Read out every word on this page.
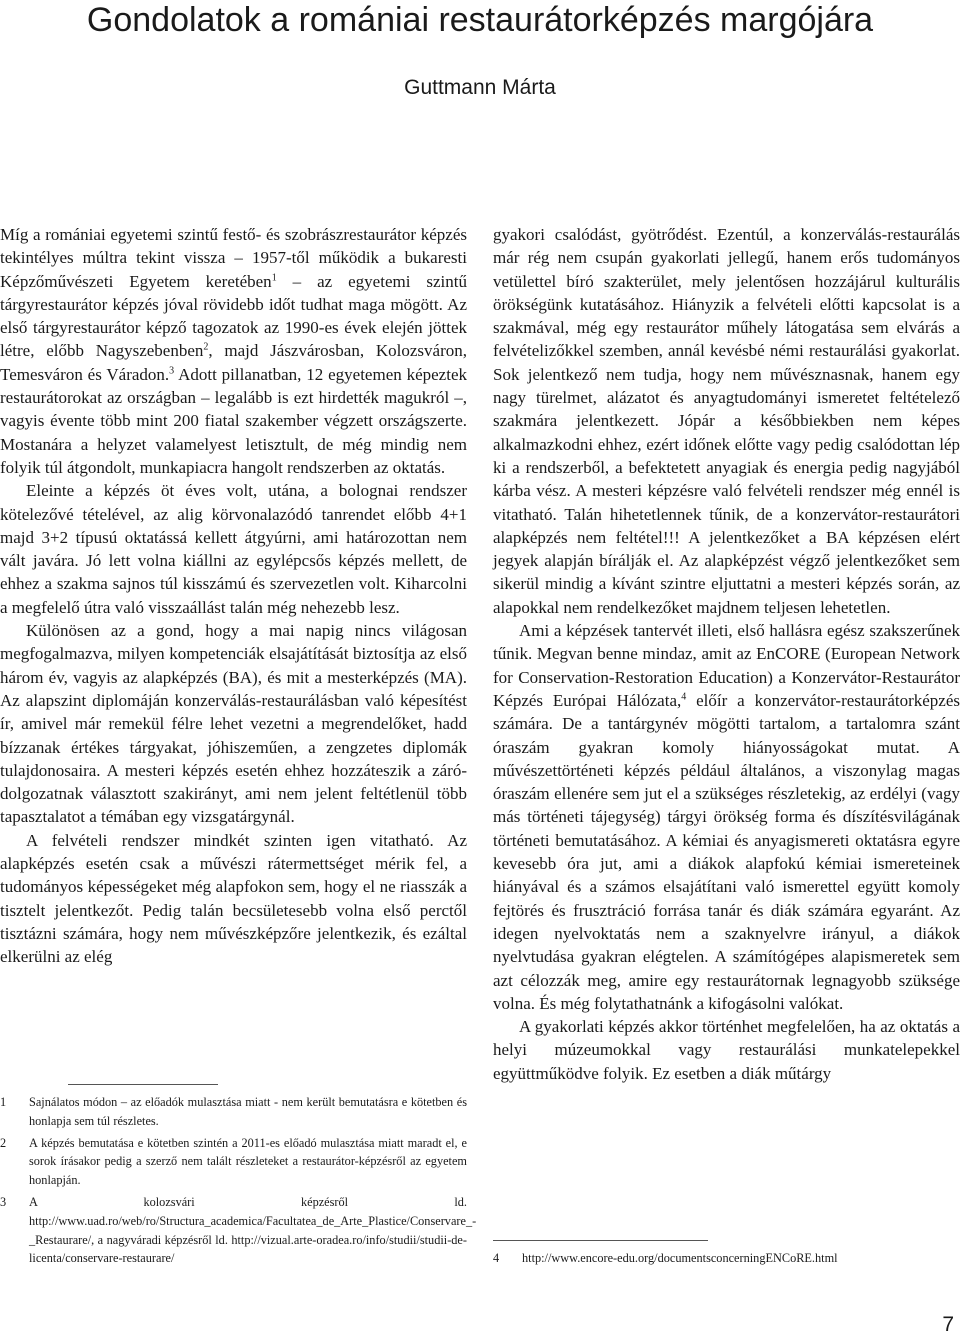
Gondolatok a romániai restaurátorképzés margójára
Guttmann Márta

Míg a romániai egyetemi szintű festő- és szobrászrestaurátor képzés tekintélyes múltra tekint vissza – 1957-től működik a bukaresti Képzőművészeti Egyetem keretében$^1$ – az egyetemi szintű tárgyrestaurátor képzés jóval rövidebb időt tudhat maga mögött. Az első tárgyrestaurátor képző tagozatok az 1990-es évek elején jöttek létre, előbb Nagyszebenben$^2$, majd Jászvárosban, Kolozsváron, Temesváron és Váradon.$^3$ Adott pillanatban, 12 egyetemen képeztek restaurátorokat az országban – legalább is ezt hirdették magukról –, vagyis évente több mint 200 fiatal szakember végzett országszerte. Mostanára a helyzet valamelyest letisztult, de még mindig nem folyik túl átgondolt, munkapiacra hangolt rendszerben az oktatás.

Eleinte a képzés öt éves volt, utána, a bolognai rendszer kötelezővé tételével, az alig körvonalazódó tanrendet előbb 4+1 majd 3+2 típusú oktatássá kellett átgyúrni, ami határozottan nem vált javára. Jó lett volna kiállni az egylépcsős képzés mellett, de ehhez a szakma sajnos túl kisszámú és szervezetlen volt. Kiharcolni a megfelelő útra való visszaállást talán még nehezebb lesz.

Különösen az a gond, hogy a mai napig nincs világosan megfogalmazva, milyen kompetenciák elsajátítását biztosítja az első három év, vagyis az alapképzés (BA), és mit a mesterképzés (MA). Az alapszint diplomáján konzerválás-restaurálásban való képesítést ír, amivel már remekül félre lehet vezetni a megrendelőket, hadd bízzanak értékes tárgyakat, jóhiszeműen, a zengzetes diplomák tulajdonosaira. A mesteri képzés esetén ehhez hozzáteszik a záró-dolgozatnak választott szakirányt, ami nem jelent feltétlenül több tapasztalatot a témában egy vizsgatárgynál.

A felvételi rendszer mindkét szinten igen vitatható. Az alapképzés esetén csak a művészi rátermettséget mérik fel, a tudományos képességeket még alapfokon sem, hogy el ne riasszák a tisztelt jelentkezőt. Pedig talán becsületesebb volna első perctől tisztázni számára, hogy nem művészképzőre jelentkezik, és ezáltal elkerülni az elég

gyakori csalódást, gyötrődést. Ezentúl, a konzerválás-restaurálás már rég nem csupán gyakorlati jellegű, hanem erős tudományos vetülettel bíró szakterület, mely jelentősen hozzájárul kulturális örökségünk kutatásához. Hiányzik a felvételi előtti kapcsolat is a szakmával, még egy restaurátor műhely látogatása sem elvárás a felvételizőkkel szemben, annál kevésbé némi restaurálási gyakorlat. Sok jelentkező nem tudja, hogy nem művésznasnak, hanem egy nagy türelmet, alázatot és anyagtudományi ismeretet feltételező szakmára jelentkezett. Jópár a későbbiekben nem képes alkalmazkodni ehhez, ezért időnek előtte vagy pedig csalódottan lép ki a rendszerből, a befektetett anyagiak és energia pedig nagyjából kárba vész. A mesteri képzésre való felvételi rendszer még ennél is vitatható. Talán hihetetlennek tűnik, de a konzervátor-restaurátori alapképzés nem feltétel!!! A jelentkezőket a BA képzésen elért jegyek alapján bírálják el. Az alapképzést végző jelentkezőket sem sikerül mindig a kívánt szintre eljuttatni a mesteri képzés során, az alapokkal nem rendelkezőket majdnem teljesen lehetetlen.

Ami a képzések tantervét illeti, első hallásra egész szakszerűnek tűnik. Megvan benne mindaz, amit az EnCORE (European Network for Conservation-Restoration Education) a Konzervátor-Restaurátor Képzés Európai Hálózata,$^4$ előír a konzervátor-restaurátorképzés számára. De a tantárgynév mögötti tartalom, a tartalomra szánt óraszám gyakran komoly hiányosságokat mutat. A művészettörténeti képzés például általános, a viszonylag magas óraszám ellenére sem jut el a szükséges részletekig, az erdélyi (vagy más történeti tájegység) tárgyi örökség forma és díszítésvilágának történeti bemutatásához. A kémiai és anyagismereti oktatásra egyre kevesebb óra jut, ami a diákok alapfokú kémiai ismereteinek hiányával és a számos elsajátítani való ismerettel együtt komoly fejtörés és frusztráció forrása tanár és diák számára egyaránt. Az idegen nyelvoktatás nem a szaknyelvre irányul, a diákok nyelvtudása gyakran elégtelen. A számítógépes alapismeretek sem azt célozzák meg, amire egy restaurátornak legnagyobb szüksége volna. És még folytathatnánk a kifogásolni valókat.

A gyakorlati képzés akkor történhet megfelelően, ha az oktatás a helyi múzeumokkal vagy restaurálási munkatelepekkel együttműködve folyik. Ez esetben a diák műtárgy

1 Sajnálatos módon – az előadók mulasztása miatt - nem került bemutatásra e kötetben és honlapja sem túl részletes.
2 A képzés bemutatása e kötetben szintén a 2011-es előadó mulasztása miatt maradt el, e sorok írásakor pedig a szerző nem talált részleteket a restaurátor-képzésről az egyetem honlapján.
3 A kolozsvári képzésről ld. http://www.uad.ro/web/ro/Structura_academica/Facultatea_de_Arte_Plastice/Conservare_-_Restaurare/, a nagyváradi képzésről ld. http://vizual.arte-oradea.ro/info/studii/studii-de-licenta/conservare-restaurare/	4 http://www.encore-edu.org/documentsconcerningENCoRE.html
7
